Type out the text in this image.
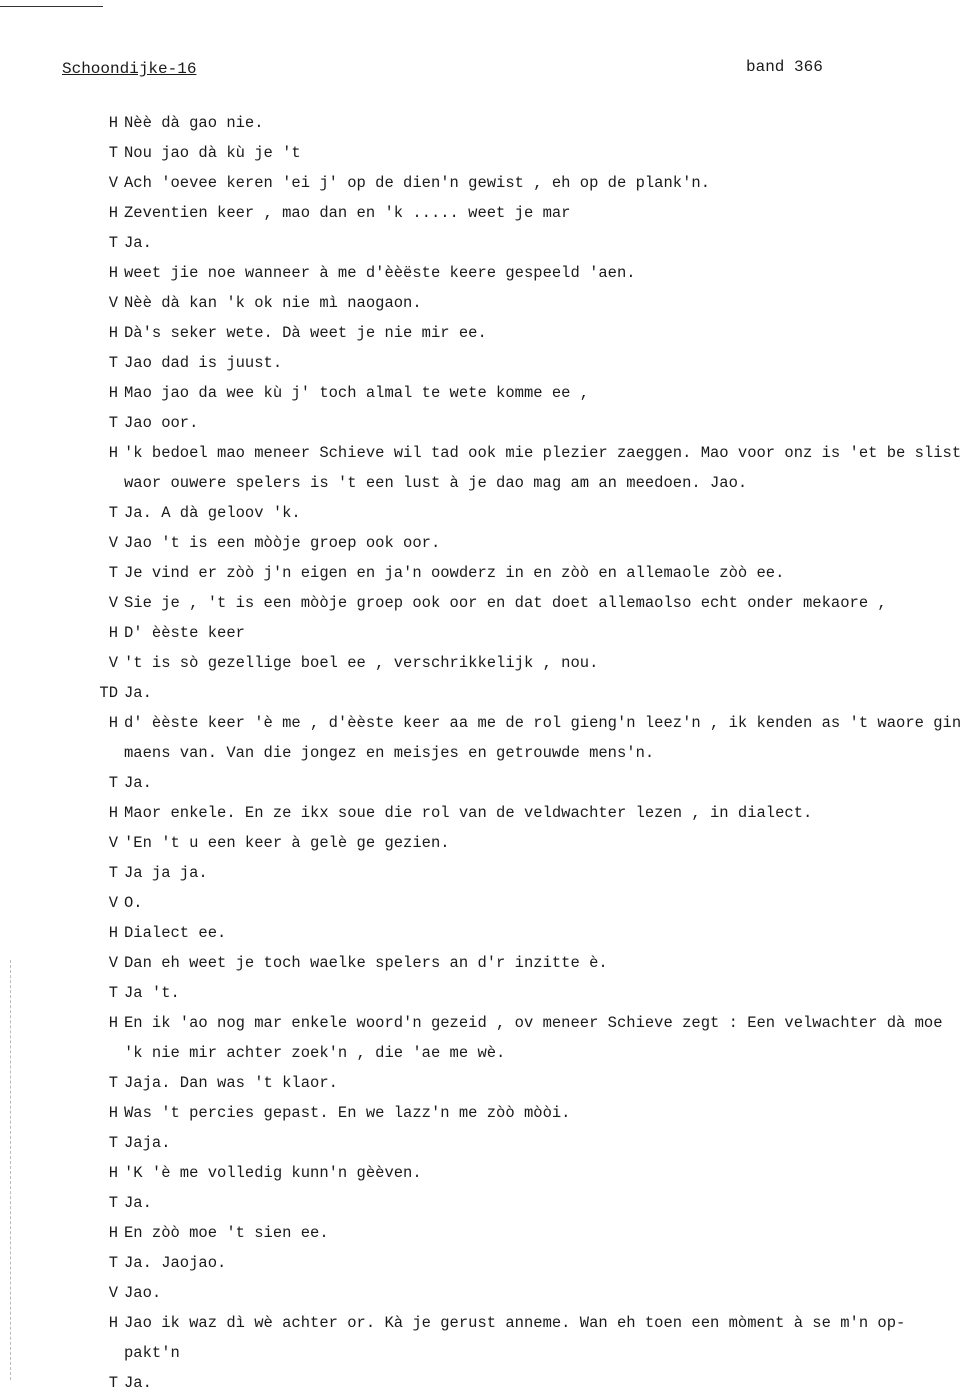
Schoondijke-16	band 366
H Nèè dà gao nie.
T Nou jao dà kù je 't
V Ach 'oevee keren 'ei j' op de dien'n gewist , eh op de plank'n.
H Zeventien keer , mao dan en 'k ..... weet je mar
T Ja.
H weet jie noe wanneer à me d'èèëste keere gespeeld 'aen.
V Nèè dà kan 'k ok nie mì naogaon.
H Dà's seker wete. Dà weet je nie mir ee.
T Jao dad is juust.
H Mao jao da wee kù j' toch almal te wete komme ee ,
T Jao oor.
H 'k bedoel mao meneer Schieve wil tad ook mie plezier zaeggen. Mao voor onz is 'et be slist waor ouwere spelers is 't een lust à je dao mag am an meedoen. Jao.
T Ja. A dà geloov 'k.
V Jao 't is een mòòje groep ook oor.
T Je vind er zòò j'n eigen en ja'n oowderz in en zòò en allemaole zòò ee.
V Sie je , 't is een mòòje groep ook oor en dat doet allemaolso echt onder mekaore ,
H D' èèste keer
V 't is sò gezellige boel ee , verschrikkelijk , nou.
TD Ja.
H d' èèste keer 'è me , d'èèste keer aa me de rol gieng'n leez'n , ik kenden as 't waore gin maens van. Van die jongez en meisjes en getrouwde mens'n.
T Ja.
H Maor enkele. En ze ikx soue die rol van de veldwachter lezen , in dialect.
V 'En 't u een keer à gelè ge gezien.
T Ja ja ja.
V O.
H Dialect ee.
V Dan eh weet je toch waelke spelers an d'r inzitte è.
T Ja 't.
H En ik 'ao nog mar enkele woord'n gezeid , ov meneer Schieve zegt : Een velwachter dà moe 'k nie mir achter zoek'n , die 'ae me wè.
T Jaja. Dan was 't klaor.
H Was 't percies gepast. En we lazz'n me zòò mòòi.
T Jaja.
H 'K 'è me volledig kunn'n gèèven.
T Ja.
H En zòò moe 't sien ee.
T Ja. Jaojao.
V Jao.
H Jao ik waz dì wè achter or. Kà je gerust anneme. Wan eh toen een mòment à se m'n op- pakt'n
T Ja.
